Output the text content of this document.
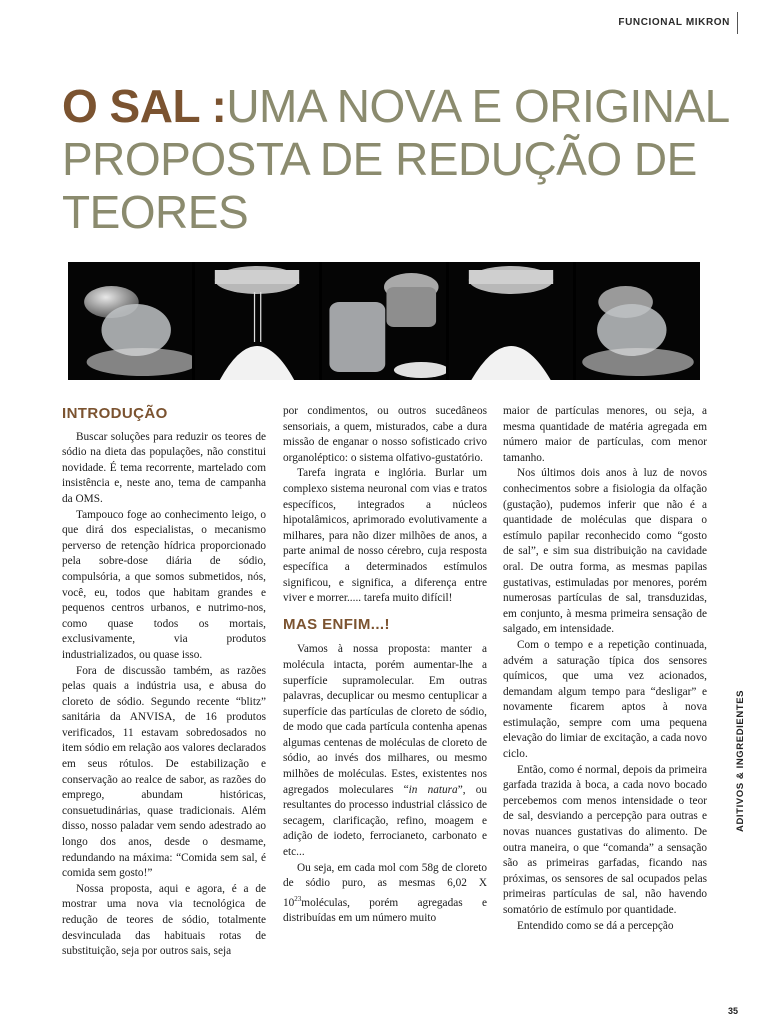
FUNCIONAL MIKRON
O SAL :UMA NOVA E ORIGINAL PROPOSTA DE REDUÇÃO DE TEORES
INTRODUÇÃO

Buscar soluções para reduzir os teores de sódio na dieta das populações, não constitui novidade. É tema recorrente, martelado com insistência e, neste ano, tema de campanha da OMS.

Tampouco foge ao conhecimento leigo, o que dirá dos especialistas, o mecanismo perverso de retenção hídrica proporcionado pela sobre-dose diária de sódio, compulsória, a que somos submetidos, nós, você, eu, todos que habitam grandes e pequenos centros urbanos, e nutrimo-nos, como quase todos os mortais, exclusivamente, via produtos industrializados, ou quase isso.

Fora de discussão também, as razões pelas quais a indústria usa, e abusa do cloreto de sódio. Segundo recente “blitz” sanitária da ANVISA, de 16 produtos verificados, 11 estavam sobredosados no item sódio em relação aos valores declarados em seus rótulos. De estabilização e conservação ao realce de sabor, as razões do emprego, abundam históricas, consuetudinárias, quase tradicionais. Além disso, nosso paladar vem sendo adestrado ao longo dos anos, desde o desmame, redundando na máxima: “Comida sem sal, é comida sem gosto!”

Nossa proposta, aqui e agora, é a de mostrar uma nova via tecnológica de redução de teores de sódio, totalmente desvinculada das habituais rotas de substituição, seja por outros sais, seja

por condimentos, ou outros sucedâneos sensoriais, a quem, misturados, cabe a dura missão de enganar o nosso sofisticado crivo organoléptico: o sistema olfativo-gustatório.

Tarefa ingrata e inglória. Burlar um complexo sistema neuronal com vias e tratos específicos, integrados a núcleos hipotalâmicos, aprimorado evolutivamente a milhares, para não dizer milhões de anos, a parte animal de nosso cérebro, cuja resposta específica a determinados estímulos significou, e significa, a diferença entre viver e morrer..... tarefa muito difícil!

MAS ENFIM...!

Vamos à nossa proposta: manter a molécula intacta, porém aumentar-lhe a superfície supramolecular. Em outras palavras, decuplicar ou mesmo centuplicar a superfície das partículas de cloreto de sódio, de modo que cada partícula contenha apenas algumas centenas de moléculas de cloreto de sódio, ao invés dos milhares, ou mesmo milhões de moléculas. Estes, existentes nos agregados moleculares “in natura”, ou resultantes do processo industrial clássico de secagem, clarificação, refino, moagem e adição de iodeto, ferrocianeto, carbonato e etc...

Ou seja, em cada mol com 58g de cloreto de sódio puro, as mesmas 6,02 X $10^{23}moléculas$, porém agregadas e distribuídas em um número muito

maior de partículas menores, ou seja, a mesma quantidade de matéria agregada em número maior de partículas, com menor tamanho.

Nos últimos dois anos à luz de novos conhecimentos sobre a fisiologia da olfação (gustação), pudemos inferir que não é a quantidade de moléculas que dispara o estímulo papilar reconhecido como “gosto de sal”, e sim sua distribuição na cavidade oral. De outra forma, as mesmas papilas gustativas, estimuladas por menores, porém numerosas partículas de sal, transduzidas, em conjunto, à mesma primeira sensação de salgado, em intensidade.

Com o tempo e a repetição continuada, advém a saturação típica dos sensores químicos, que uma vez acionados, demandam algum tempo para “desligar” e novamente ficarem aptos à nova estimulação, sempre com uma pequena elevação do limiar de excitação, a cada novo ciclo.

Então, como é normal, depois da primeira garfada trazida à boca, a cada novo bocado percebemos com menos intensidade o teor de sal, desviando a percepção para outras e novas nuances gustativas do alimento. De outra maneira, o que “comanda” a sensação são as primeiras garfadas, ficando nas próximas, os sensores de sal ocupados pelas primeiras partículas de sal, não havendo somatório de estímulo por quantidade.

Entendido como se dá a percepção

ADITIVOS & INGREDIENTES
35
